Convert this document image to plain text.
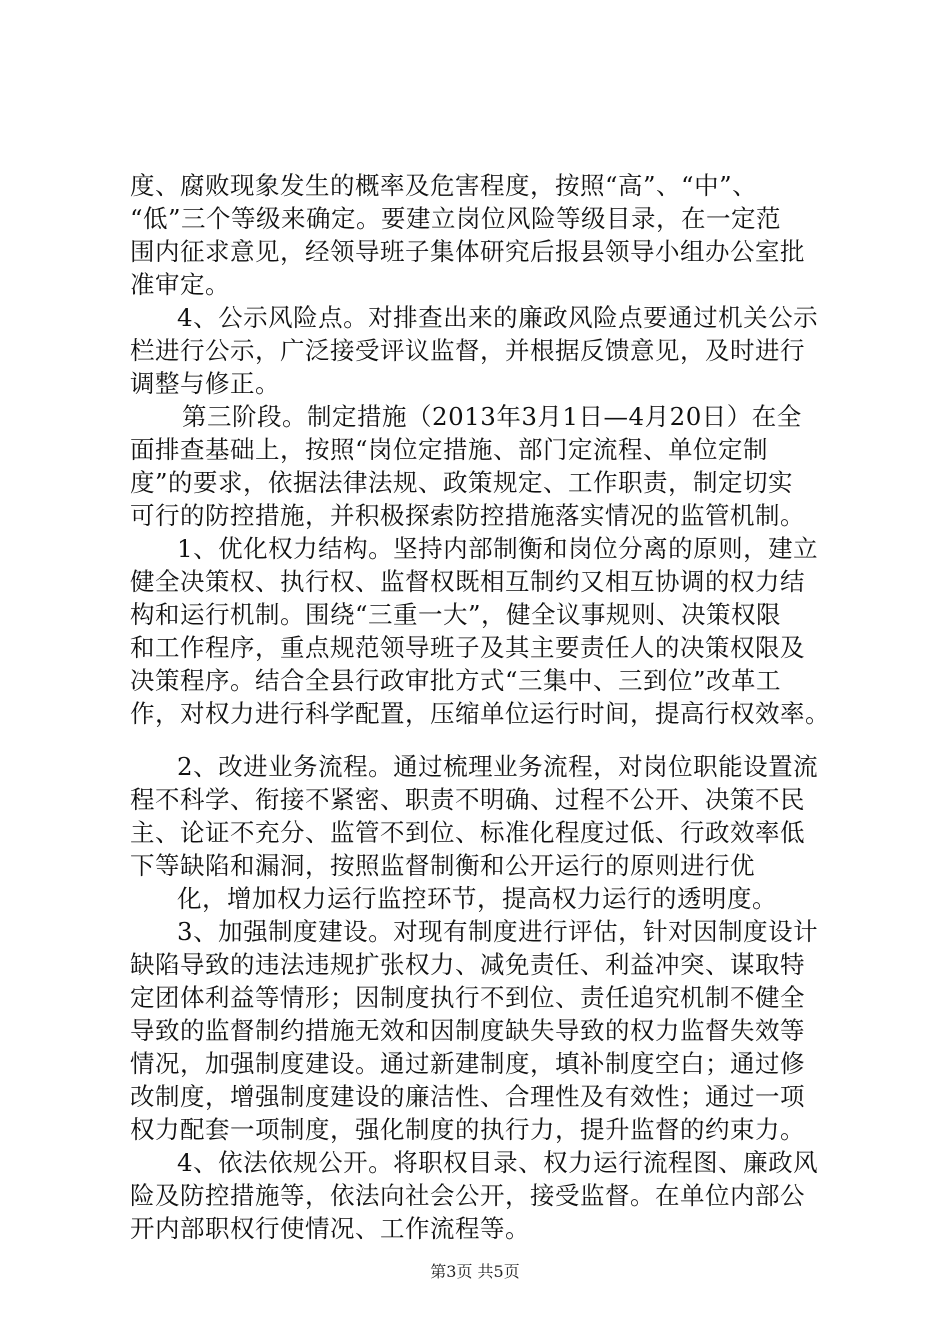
度、腐败现象发生的概率及危害程度，按照“高”、“中”、
“低”三个等级来确定。要建立岗位风险等级目录，在一定范
围内征求意见，经领导班子集体研究后报县领导小组办公室批
准审定。
4、公示风险点。对排查出来的廉政风险点要通过机关公示
栏进行公示，广泛接受评议监督，并根据反馈意见，及时进行
调整与修正。
第三阶段。制定措施（2013年3月1日—4月20日）在全
面排查基础上，按照“岗位定措施、部门定流程、单位定制
度”的要求，依据法律法规、政策规定、工作职责，制定切实
可行的防控措施，并积极探索防控措施落实情况的监管机制。
1、优化权力结构。坚持内部制衡和岗位分离的原则，建立
健全决策权、执行权、监督权既相互制约又相互协调的权力结
构和运行机制。围绕“三重一大”，健全议事规则、决策权限
和工作程序，重点规范领导班子及其主要责任人的决策权限及
决策程序。结合全县行政审批方式“三集中、三到位”改革工
作，对权力进行科学配置，压缩单位运行时间，提高行权效率。
2、改进业务流程。通过梳理业务流程，对岗位职能设置流
程不科学、衔接不紧密、职责不明确、过程不公开、决策不民
主、论证不充分、监管不到位、标准化程度过低、行政效率低
下等缺陷和漏洞，按照监督制衡和公开运行的原则进行优
化，增加权力运行监控环节，提高权力运行的透明度。
3、加强制度建设。对现有制度进行评估，针对因制度设计
缺陷导致的违法违规扩张权力、减免责任、利益冲突、谋取特
定团体利益等情形；因制度执行不到位、责任追究机制不健全
导致的监督制约措施无效和因制度缺失导致的权力监督失效等
情况，加强制度建设。通过新建制度，填补制度空白；通过修
改制度，增强制度建设的廉洁性、合理性及有效性；通过一项
权力配套一项制度，强化制度的执行力，提升监督的约束力。
4、依法依规公开。将职权目录、权力运行流程图、廉政风
险及防控措施等，依法向社会公开，接受监督。在单位内部公
开内部职权行使情况、工作流程等。
第3页 共5页
